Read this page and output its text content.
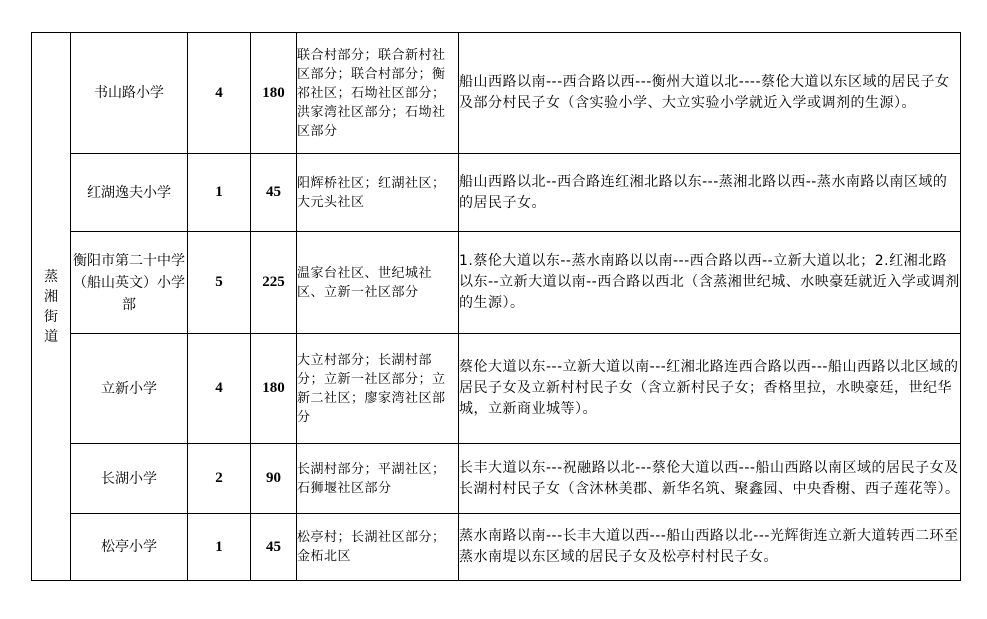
蒸
湘
街
道	书山路小学	4	180	联合村部分；联合新村社区部分；联合村部分；衡祁社区；石坳社区部分；洪家湾社区部分；石坳社区部分	船山西路以南---西合路以西---衡州大道以北----蔡伦大道以东区域的居民子女及部分村民子女（含实验小学、大立实验小学就近入学或调剂的生源）。
	红湖逸夫小学	1	45	阳辉桥社区；红湖社区；大元头社区	船山西路以北--西合路连红湘北路以东---蒸湘北路以西--蒸水南路以南区域的的居民子女。
	衡阳市第二十中学（船山英文）小学部	5	225	温家台社区、世纪城社区、立新一社区部分	1.蔡伦大道以东--蒸水南路以以南---西合路以西--立新大道以北；2.红湘北路以东--立新大道以南--西合路以西北（含蒸湘世纪城、水映豪廷就近入学或调剂的生源）。
	立新小学	4	180	大立村部分；长湖村部分；立新一社区部分；立新二社区；廖家湾社区部分	蔡伦大道以东---立新大道以南---红湘北路连西合路以西---船山西路以北区域的居民子女及立新村村民子女（含立新村民子女；香格里拉，水映豪廷，世纪华城，立新商业城等）。
	长湖小学	2	90	长湖村部分；平湖社区；石狮堰社区部分	长丰大道以东---祝融路以北---蔡伦大道以西---船山西路以南区域的居民子女及长湖村村民子女（含沐林美郡、新华名筑、聚鑫园、中央香榭、西子莲花等）。
	松亭小学	1	45	松亭村；长湖社区部分；金柘北区	蒸水南路以南---长丰大道以西---船山西路以北---光辉街连立新大道转西二环至蒸水南堤以东区域的居民子女及松亭村村民子女。
